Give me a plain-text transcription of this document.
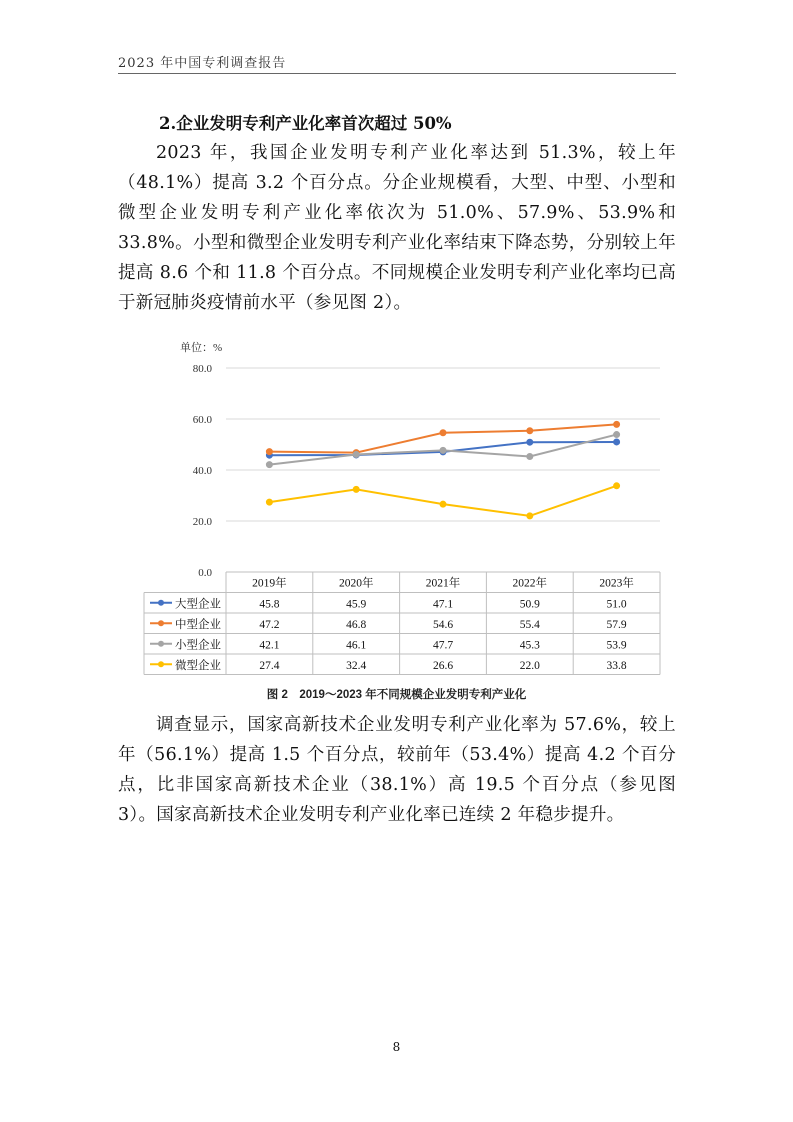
2023 年中国专利调查报告
2.企业发明专利产业化率首次超过 50%

2023 年，我国企业发明专利产业化率达到 51.3%，较上年（48.1%）提高 3.2 个百分点。分企业规模看，大型、中型、小型和微型企业发明专利产业化率依次为 51.0%、57.9%、53.9%和33.8%。小型和微型企业发明专利产业化率结束下降态势，分别较上年提高 8.6 个和 11.8 个百分点。不同规模企业发明专利产业化率均已高于新冠肺炎疫情前水平（参见图 2）。

单位：%
0.0
20.0
40.0
60.0
80.0
2019年	2020年	2021年	2022年	2023年
大型企业	45.8	45.9	47.1	50.9	51.0
中型企业	47.2	46.8	54.6	55.4	57.9
小型企业	42.1	46.1	47.7	45.3	53.9
微型企业	27.4	32.4	26.6	22.0	33.8
图 2　2019～2023 年不同规模企业发明专利产业化

调查显示，国家高新技术企业发明专利产业化率为 57.6%，较上年（56.1%）提高 1.5 个百分点，较前年（53.4%）提高 4.2 个百分点，比非国家高新技术企业（38.1%）高 19.5 个百分点（参见图 3）。国家高新技术企业发明专利产业化率已连续 2 年稳步提升。

8
